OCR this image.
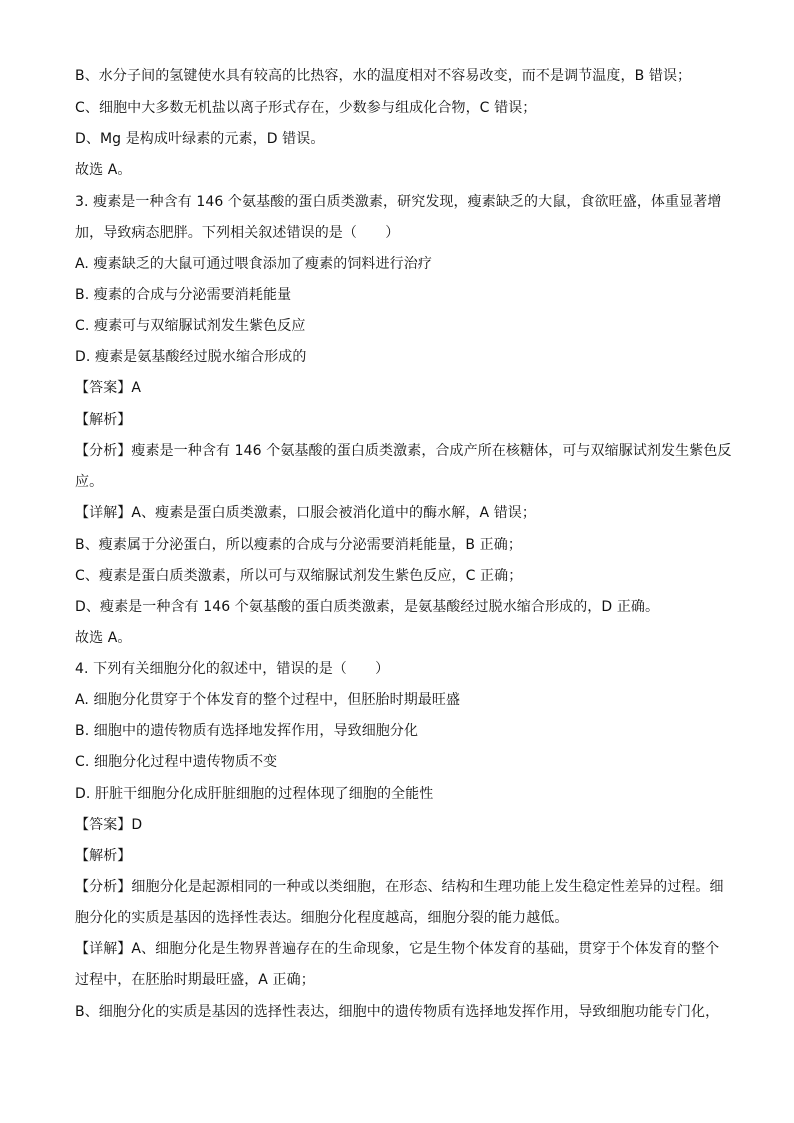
B、水分子间的氢键使水具有较高的比热容，水的温度相对不容易改变，而不是调节温度，B 错误；
C、细胞中大多数无机盐以离子形式存在，少数参与组成化合物，C 错误；
D、Mg 是构成叶绿素的元素，D 错误。
故选 A。
3. 瘦素是一种含有 146 个氨基酸的蛋白质类激素，研究发现，瘦素缺乏的大鼠，食欲旺盛，体重显著增
加，导致病态肥胖。下列相关叙述错误的是（　　）
A. 瘦素缺乏的大鼠可通过喂食添加了瘦素的饲料进行治疗
B. 瘦素的合成与分泌需要消耗能量
C. 瘦素可与双缩脲试剂发生紫色反应
D. 瘦素是氨基酸经过脱水缩合形成的
【答案】A
【解析】
【分析】瘦素是一种含有 146 个氨基酸的蛋白质类激素，合成产所在核糖体，可与双缩脲试剂发生紫色反
应。
【详解】A、瘦素是蛋白质类激素，口服会被消化道中的酶水解，A 错误；
B、瘦素属于分泌蛋白，所以瘦素的合成与分泌需要消耗能量，B 正确；
C、瘦素是蛋白质类激素，所以可与双缩脲试剂发生紫色反应，C 正确；
D、瘦素是一种含有 146 个氨基酸的蛋白质类激素，是氨基酸经过脱水缩合形成的，D 正确。
故选 A。
4. 下列有关细胞分化的叙述中，错误的是（　　）
A. 细胞分化贯穿于个体发育的整个过程中，但胚胎时期最旺盛
B. 细胞中的遗传物质有选择地发挥作用，导致细胞分化
C. 细胞分化过程中遗传物质不变
D. 肝脏干细胞分化成肝脏细胞的过程体现了细胞的全能性
【答案】D
【解析】
【分析】细胞分化是起源相同的一种或以类细胞，在形态、结构和生理功能上发生稳定性差异的过程。细
胞分化的实质是基因的选择性表达。细胞分化程度越高，细胞分裂的能力越低。
【详解】A、细胞分化是生物界普遍存在的生命现象，它是生物个体发育的基础，贯穿于个体发育的整个
过程中，在胚胎时期最旺盛，A 正确；
B、细胞分化的实质是基因的选择性表达，细胞中的遗传物质有选择地发挥作用，导致细胞功能专门化，
